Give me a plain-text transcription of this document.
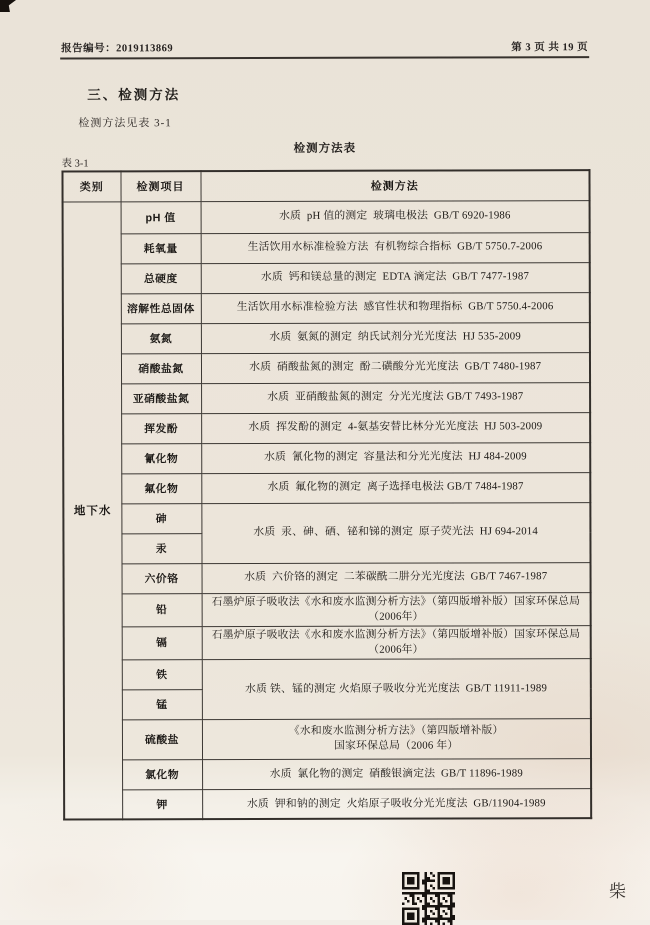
报告编号：2019113869	第 3 页 共 19 页
三、检测方法
检测方法见表 3-1
检测方法表
表 3-1
类别	检测项目	检测方法
地下水	pH 值	水质  pH 值的测定  玻璃电极法  GB/T 6920-1986
	耗氧量	生活饮用水标准检验方法  有机物综合指标  GB/T 5750.7-2006
	总硬度	水质  钙和镁总量的测定  EDTA 滴定法  GB/T 7477-1987
	溶解性总固体	生活饮用水标准检验方法  感官性状和物理指标  GB/T 5750.4-2006
	氨氮	水质  氨氮的测定  纳氏试剂分光光度法  HJ 535-2009
	硝酸盐氮	水质  硝酸盐氮的测定  酚二磺酸分光光度法  GB/T 7480-1987
	亚硝酸盐氮	水质  亚硝酸盐氮的测定  分光光度法 GB/T 7493-1987
	挥发酚	水质  挥发酚的测定  4-氨基安替比林分光光度法  HJ 503-2009
	氰化物	水质  氰化物的测定  容量法和分光光度法  HJ 484-2009
	氟化物	水质  氟化物的测定  离子选择电极法 GB/T 7484-1987
	砷	水质  汞、砷、硒、铋和锑的测定  原子荧光法  HJ 694-2014
	汞	
	六价铬	水质  六价铬的测定  二苯碳酰二肼分光光度法  GB/T 7467-1987
	铅	石墨炉原子吸收法《水和废水监测分析方法》（第四版增补版）国家环保总局（2006年）
	镉	石墨炉原子吸收法《水和废水监测分析方法》（第四版增补版）国家环保总局（2006年）
	铁	水质 铁、锰的测定 火焰原子吸收分光光度法  GB/T 11911-1989
	锰	
	硫酸盐	《水和废水监测分析方法》（第四版增补版）
国家环保总局（2006 年）
	氯化物	水质  氯化物的测定  硝酸银滴定法  GB/T 11896-1989
	钾	水质  钾和钠的测定  火焰原子吸收分光光度法  GB/11904-1989
柴
